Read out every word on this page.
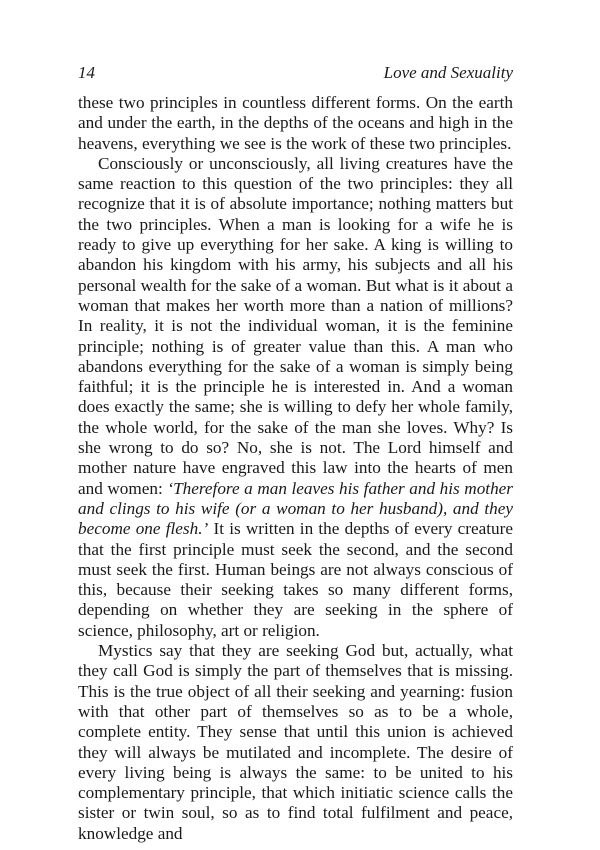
14	Love and Sexuality

these two principles in countless different forms. On the earth and under the earth, in the depths of the oceans and high in the heavens, everything we see is the work of these two principles.

Consciously or unconsciously, all living creatures have the same reaction to this question of the two principles: they all recognize that it is of absolute importance; nothing matters but the two principles. When a man is looking for a wife he is ready to give up everything for her sake. A king is willing to abandon his kingdom with his army, his subjects and all his personal wealth for the sake of a woman. But what is it about a woman that makes her worth more than a nation of millions? In reality, it is not the individual woman, it is the feminine principle; nothing is of greater value than this. A man who abandons everything for the sake of a woman is simply being faithful; it is the principle he is interested in. And a woman does exactly the same; she is willing to defy her whole family, the whole world, for the sake of the man she loves. Why? Is she wrong to do so? No, she is not. The Lord himself and mother nature have engraved this law into the hearts of men and women: ‘Therefore a man leaves his father and his mother and clings to his wife (or a woman to her husband), and they become one flesh.’ It is written in the depths of every creature that the first principle must seek the second, and the second must seek the first. Human beings are not always conscious of this, because their seeking takes so many different forms, depending on whether they are seeking in the sphere of science, philosophy, art or religion.

Mystics say that they are seeking God but, actually, what they call God is simply the part of themselves that is missing. This is the true object of all their seeking and yearning: fusion with that other part of themselves so as to be a whole, complete entity. They sense that until this union is achieved they will always be mutilated and incomplete. The desire of every living being is always the same: to be united to his complementary principle, that which initiatic science calls the sister or twin soul, so as to find total fulfilment and peace, knowledge and
